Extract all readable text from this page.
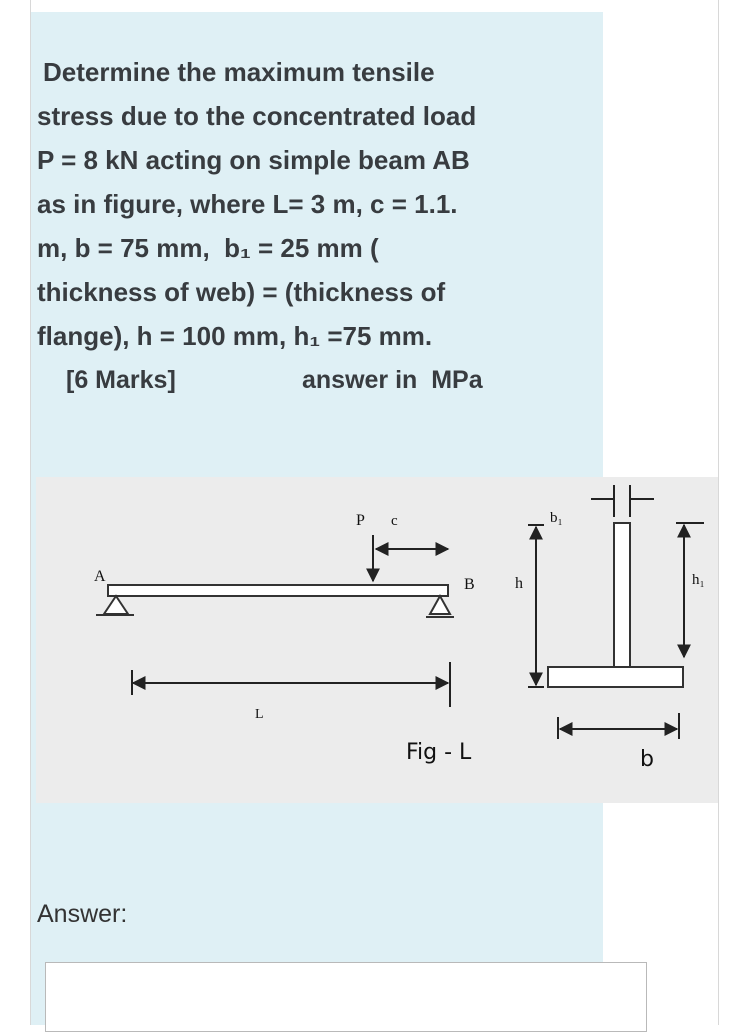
Determine the maximum tensile

stress due to the concentrated load

P = 8 kN acting on simple beam AB

as in figure, where L= 3 m, c = 1.1.

m, b = 75 mm,  b₁ = 25 mm (

thickness of web) = (thickness of

flange), h = 100 mm, h₁ =75 mm.

[6 Marks]	answer in  MPa
P c
A	B	h
b₁
h₁
L
Fig - L	b
Answer:
